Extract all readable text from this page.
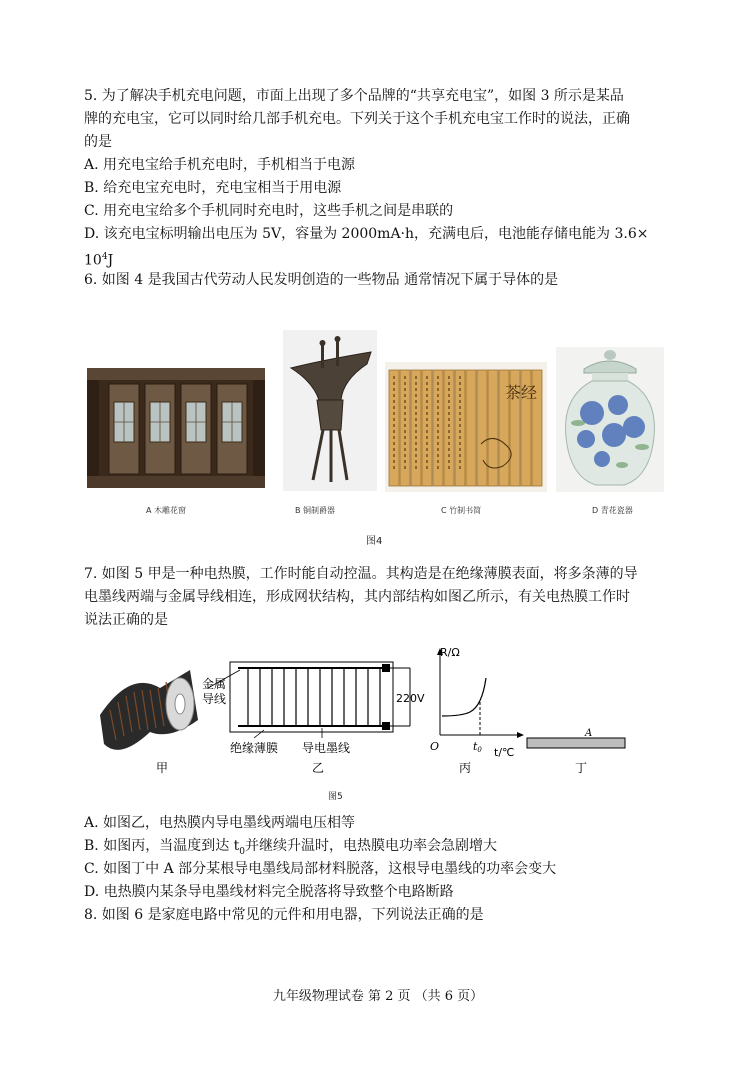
5. 为了解决手机充电问题，市面上出现了多个品牌的“共享充电宝”，如图 3 所示是某品
牌的充电宝，它可以同时给几部手机充电。下列关于这个手机充电宝工作时的说法，正确
的是
A. 用充电宝给手机充电时，手机相当于电源
B. 给充电宝充电时，充电宝相当于用电源
C. 用充电宝给多个手机同时充电时，这些手机之间是串联的
D. 该充电宝标明输出电压为 5V，容量为 2000mA·h，充满电后，电池能存储电能为 3.6×
$10^4J$
6. 如图 4 是我国古代劳动人民发明创造的一些物品 通常情况下属于导体的是
茶经
A 木雕花窗	B 铜制爵器	C 竹制书简	D 青花瓷器
图4
7. 如图 5 甲是一种电热膜，工作时能自动控温。其构造是在绝缘薄膜表面，将多条薄的导
电墨线两端与金属导线相连，形成网状结构，其内部结构如图乙所示，有关电热膜工作时
说法正确的是
金属
导线	220V
绝缘薄膜 导电墨线
R/Ω
O	t0 t/℃
A
甲	乙	丙	丁
图5
A. 如图乙，电热膜内导电墨线两端电压相等
B. 如图丙，当温度到达 $t_0$并继续升温时，电热膜电功率会急剧增大
C. 如图丁中 A 部分某根导电墨线局部材料脱落，这根导电墨线的功率会变大
D. 电热膜内某条导电墨线材料完全脱落将导致整个电路断路
8. 如图 6 是家庭电路中常见的元件和用电器，下列说法正确的是
九年级物理试卷 第 2 页 （共 6 页）
